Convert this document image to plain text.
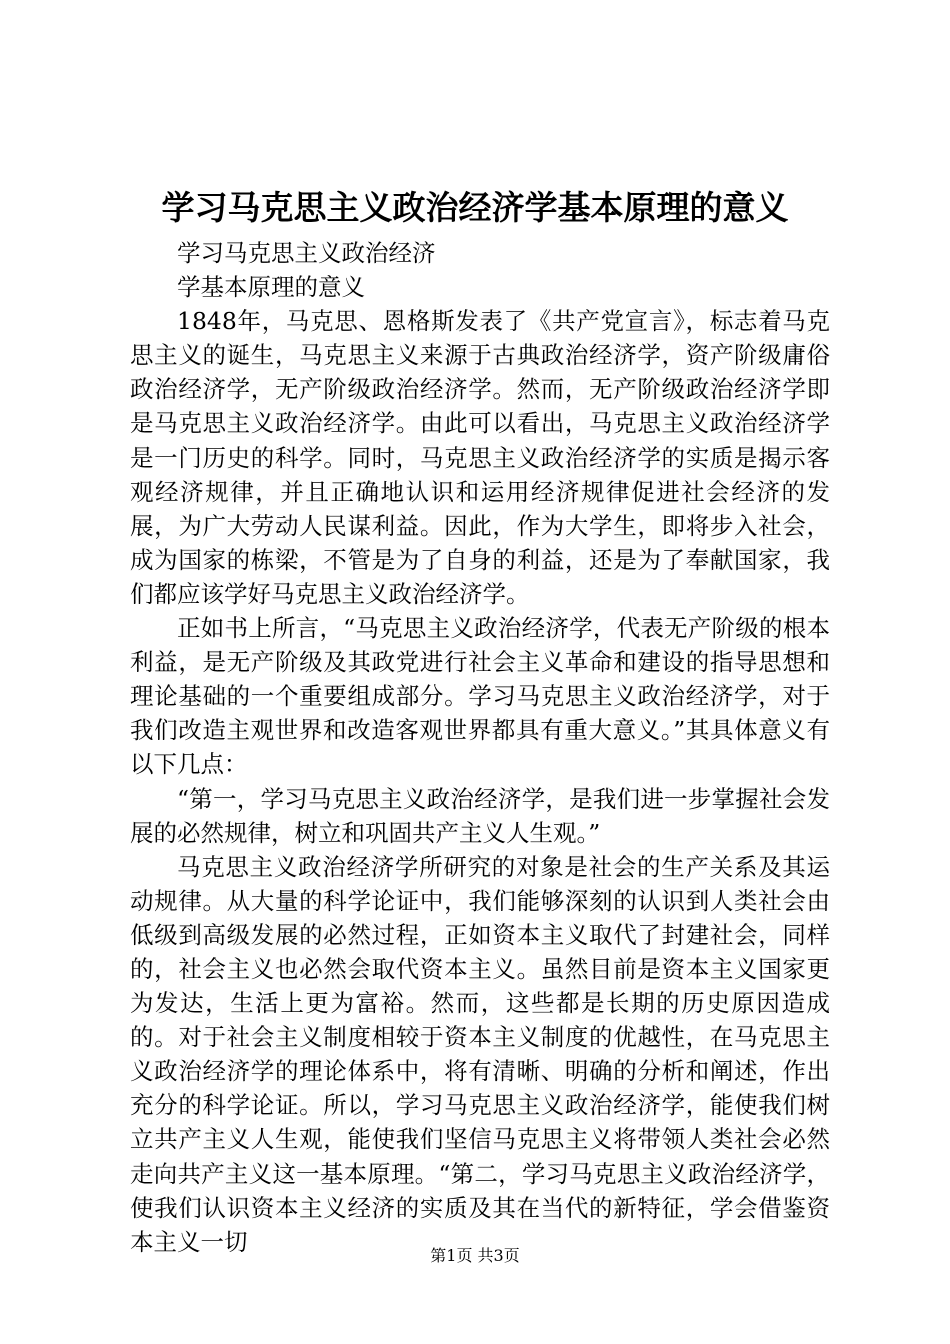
学习马克思主义政治经济学基本原理的意义

学习马克思主义政治经济

学基本原理的意义

1848年，马克思、恩格斯发表了《共产党宣言》，标志着马克思主义的诞生，马克思主义来源于古典政治经济学，资产阶级庸俗政治经济学，无产阶级政治经济学。然而，无产阶级政治经济学即是马克思主义政治经济学。由此可以看出，马克思主义政治经济学是一门历史的科学。同时，马克思主义政治经济学的实质是揭示客观经济规律，并且正确地认识和运用经济规律促进社会经济的发展，为广大劳动人民谋利益。因此，作为大学生，即将步入社会，成为国家的栋梁，不管是为了自身的利益，还是为了奉献国家，我们都应该学好马克思主义政治经济学。

正如书上所言，“马克思主义政治经济学，代表无产阶级的根本利益，是无产阶级及其政党进行社会主义革命和建设的指导思想和理论基础的一个重要组成部分。学习马克思主义政治经济学，对于我们改造主观世界和改造客观世界都具有重大意义。”其具体意义有以下几点：

“第一，学习马克思主义政治经济学，是我们进一步掌握社会发展的必然规律，树立和巩固共产主义人生观。”

马克思主义政治经济学所研究的对象是社会的生产关系及其运动规律。从大量的科学论证中，我们能够深刻的认识到人类社会由低级到高级发展的必然过程，正如资本主义取代了封建社会，同样的，社会主义也必然会取代资本主义。虽然目前是资本主义国家更为发达，生活上更为富裕。然而，这些都是长期的历史原因造成的。对于社会主义制度相较于资本主义制度的优越性，在马克思主义政治经济学的理论体系中，将有清晰、明确的分析和阐述，作出充分的科学论证。所以，学习马克思主义政治经济学，能使我们树立共产主义人生观，能使我们坚信马克思主义将带领人类社会必然走向共产主义这一基本原理。“第二，学习马克思主义政治经济学，使我们认识资本主义经济的实质及其在当代的新特征，学会借鉴资本主义一切	第1页 共3页
